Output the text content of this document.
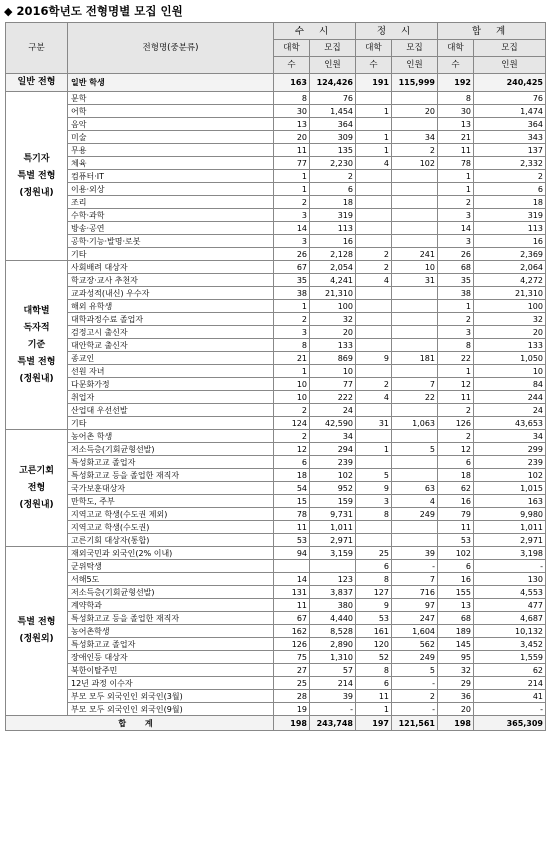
◆ 2016학년도 전형명별 모집 인원
구분	전형명(중분류)	수 시		정 시		합 계	
		대학	모집	대학	모집	대학	모집
		수	인원	수	인원	수	인원

일반 전형	일반 학생	163	124,426	191	115,999	192	240,425

특기자
특별 전형
(정원내)	문학	8	76			8	76
	어학	30	1,454	1	20	30	1,474
	음악	13	364			13	364
	미술	20	309	1	34	21	343
	무용	11	135	1	2	11	137
	체육	77	2,230	4	102	78	2,332
	컴퓨터·IT	1	2			1	2
	이용·외상	1	6			1	6
	조리	2	18			2	18
	수학·과학	3	319			3	319
	방송·공연	14	113			14	113
	공학·기능·발명·로봇	3	16			3	16
	기타	26	2,128	2	241	26	2,369

대학별
독자적
기준
특별 전형
(정원내)	사회배려 대상자	67	2,054	2	10	68	2,064
	학교장·교사 추천자	35	4,241	4	31	35	4,272
	교과성적(내신) 우수자	38	21,310			38	21,310
	해외 유학생	1	100			1	100
	대학과정수료 졸업자	2	32			2	32
	검정고시 출신자	3	20			3	20
	대안학교 출신자	8	133			8	133
	종교인	21	869	9	181	22	1,050
	선원 자녀	1	10			1	10
	다문화가정	10	77	2	7	12	84
	취업자	10	222	4	22	11	244
	산업대 우선선발	2	24			2	24
	기타	124	42,590	31	1,063	126	43,653

고른기회
전형
(정원내)	농어촌 학생	2	34			2	34
	저소득층(기회균형선발)	12	294	1	5	12	299
	특성화고교 졸업자	6	239			6	239
	특성화고교 등을 졸업한 재직자	18	102	5		18	102
	국가보훈대상자	54	952	9	63	62	1,015
	만학도, 주부	15	159	3	4	16	163
	지역고교 학생(수도권 제외)	78	9,731	8	249	79	9,980
	지역고교 학생(수도권)	11	1,011			11	1,011
	고른기회 대상자(통합)	53	2,971			53	2,971

특별 전형
(정원외)	재외국민과 외국인(2% 이내)	94	3,159	25	39	102	3,198
	군위탁생			6	-	6	-
	서해5도	14	123	8	7	16	130
	저소득층(기회균형선발)	131	3,837	127	716	155	4,553
	계약학과	11	380	9	97	13	477
	특성화고교 등을 졸업한 재직자	67	4,440	53	247	68	4,687
	농어촌학생	162	8,528	161	1,604	189	10,132
	특성화고교 졸업자	126	2,890	120	562	145	3,452
	장애인등 대상자	75	1,310	52	249	95	1,559
	북한이탈주민	27	57	8	5	32	62
	12년 과정 이수자	25	214	6	-	29	214
	부모 모두 외국인인 외국인(3월)	28	39	11	2	36	41
	부모 모두 외국인인 외국인(9월)	19	-	1	-	20	-
합 계		198	243,748	197	121,561	198	365,309
